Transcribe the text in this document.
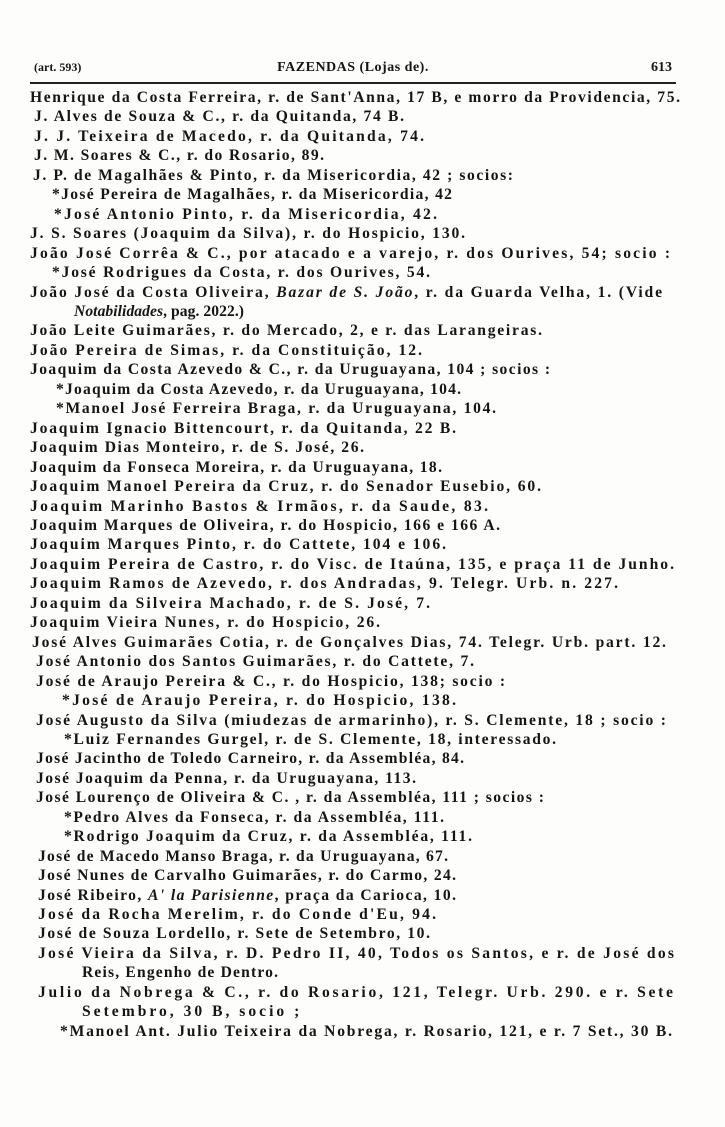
(art. 593)	FAZENDAS (Lojas de).	613
Henrique da Costa Ferreira, r. de Sant'Anna, 17 B, e morro da Providencia, 75.
J. Alves de Souza & C., r. da Quitanda, 74 B.
J. J. Teixeira de Macedo, r. da Quitanda, 74.
J. M. Soares & C., r. do Rosario, 89.
J. P. de Magalhães & Pinto, r. da Misericordia, 42 ; socios:
*José Pereira de Magalhães, r. da Misericordia, 42
*José Antonio Pinto, r. da Misericordia, 42.
J. S. Soares (Joaquim da Silva), r. do Hospicio, 130.
João José Corrêa & C., por atacado e a varejo, r. dos Ourives, 54; socio :
*José Rodrigues da Costa, r. dos Ourives, 54.
João José da Costa Oliveira, Bazar de S. João, r. da Guarda Velha, 1. (Vide
Notabilidades, pag. 2022.)
João Leite Guimarães, r. do Mercado, 2, e r. das Larangeiras.
João Pereira de Simas, r. da Constituição, 12.
Joaquim da Costa Azevedo & C., r. da Uruguayana, 104 ; socios :
*Joaquim da Costa Azevedo, r. da Uruguayana, 104.
*Manoel José Ferreira Braga, r. da Uruguayana, 104.
Joaquim Ignacio Bittencourt, r. da Quitanda, 22 B.
Joaquim Dias Monteiro, r. de S. José, 26.
Joaquim da Fonseca Moreira, r. da Uruguayana, 18.
Joaquim Manoel Pereira da Cruz, r. do Senador Eusebio, 60.
Joaquim Marinho Bastos & Irmãos, r. da Saude, 83.
Joaquim Marques de Oliveira, r. do Hospicio, 166 e 166 A.
Joaquim Marques Pinto, r. do Cattete, 104 e 106.
Joaquim Pereira de Castro, r. do Visc. de Itaúna, 135, e praça 11 de Junho.
Joaquim Ramos de Azevedo, r. dos Andradas, 9. Telegr. Urb. n. 227.
Joaquim da Silveira Machado, r. de S. José, 7.
Joaquim Vieira Nunes, r. do Hospicio, 26.
José Alves Guimarães Cotia, r. de Gonçalves Dias, 74. Telegr. Urb. part. 12.
José Antonio dos Santos Guimarães, r. do Cattete, 7.
José de Araujo Pereira & C., r. do Hospicio, 138; socio :
*José de Araujo Pereira, r. do Hospicio, 138.
José Augusto da Silva (miudezas de armarinho), r. S. Clemente, 18 ; socio :
*Luiz Fernandes Gurgel, r. de S. Clemente, 18, interessado.
José Jacintho de Toledo Carneiro, r. da Assembléa, 84.
José Joaquim da Penna, r. da Uruguayana, 113.
José Lourenço de Oliveira & C. , r. da Assembléa, 111 ; socios :
*Pedro Alves da Fonseca, r. da Assembléa, 111.
*Rodrigo Joaquim da Cruz, r. da Assembléa, 111.
José de Macedo Manso Braga, r. da Uruguayana, 67.
José Nunes de Carvalho Guimarães, r. do Carmo, 24.
José Ribeiro, A' la Parisienne, praça da Carioca, 10.
José da Rocha Merelim, r. do Conde d'Eu, 94.
José de Souza Lordello, r. Sete de Setembro, 10.
José Vieira da Silva, r. D. Pedro II, 40, Todos os Santos, e r. de José dos
Reis, Engenho de Dentro.
Julio da Nobrega & C., r. do Rosario, 121, Telegr. Urb. 290. e r. Sete
Setembro, 30 B, socio ;
*Manoel Ant. Julio Teixeira da Nobrega, r. Rosario, 121, e r. 7 Set., 30 B.
